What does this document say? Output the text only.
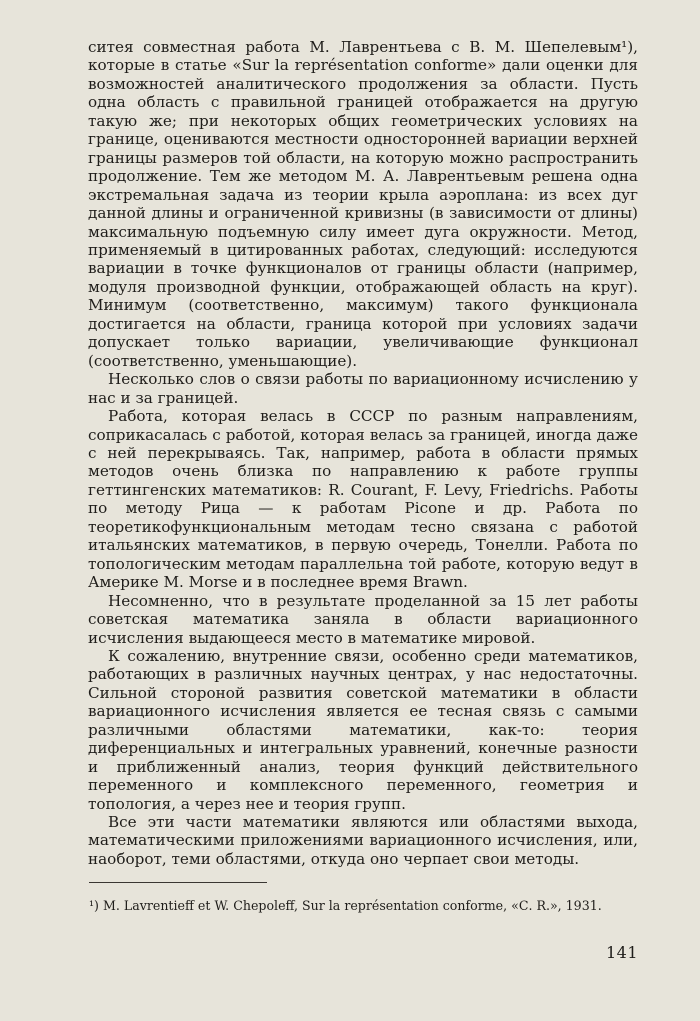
ситея совместная работа М. Лаврентьева с В. М. Шепелевым¹), которые в статье «Sur la représentation conforme» дали оценки для возможностей аналитического продолжения за области. Пусть одна область с правильной границей отображается на другую такую же; при некоторых общих геометрических условиях на границе, оцениваются местности односторонней вариации верхней границы размеров той области, на которую можно распространить продолжение. Тем же методом М. А. Лаврентьевым решена одна экстремальная задача из теории крыла аэроплана: из всех дуг данной длины и ограниченной кривизны (в зависимости от длины) максимальную подъемную силу имеет дуга окружности. Метод, применяемый в цитированных работах, следующий: исследуются вариации в точке функционалов от границы области (например, модуля производной функции, отображающей область на круг). Минимум (соответственно, максимум) такого функционала достигается на области, граница которой при условиях задачи допускает только вариации, увеличивающие функционал (соответственно, уменьшающие).

Несколько слов о связи работы по вариационному исчислению у нас и за границей.

Работа, которая велась в СССР по разным направлениям, соприкасалась с работой, которая велась за границей, иногда даже с ней перекрываясь. Так, например, работа в области прямых методов очень близка по направлению к работе группы геттингенских математиков: R. Courant, F. Levy, Friedrichs. Работы по методу Рица — к работам Picone и др. Работа по теоретикофункциональным методам тесно связана с работой итальянских математиков, в первую очередь, Тонелли. Работа по топологическим методам параллельна той работе, которую ведут в Америке М. Morse и в последнее время Brawn.

Несомненно, что в результате проделанной за 15 лет работы советская математика заняла в области вариационного исчисления выдающееся место в математике мировой.

К сожалению, внутренние связи, особенно среди математиков, работающих в различных научных центрах, у нас недостаточны. Сильной стороной развития советской математики в области вариационного исчисления является ее тесная связь с самыми различными областями математики, как-то: теория диференциальных и интегральных уравнений, конечные разности и приближенный анализ, теория функций действительного переменного и комплексного переменного, геометрия и топология, а через нее и теория групп.

Все эти части математики являются или областями выхода, математическими приложениями вариационного исчисления, или, наоборот, теми областями, откуда оно черпает свои методы.

¹) M. Lavrentieff et W. Chepoleff, Sur la représentation conforme, «С. R.», 1931.
141
